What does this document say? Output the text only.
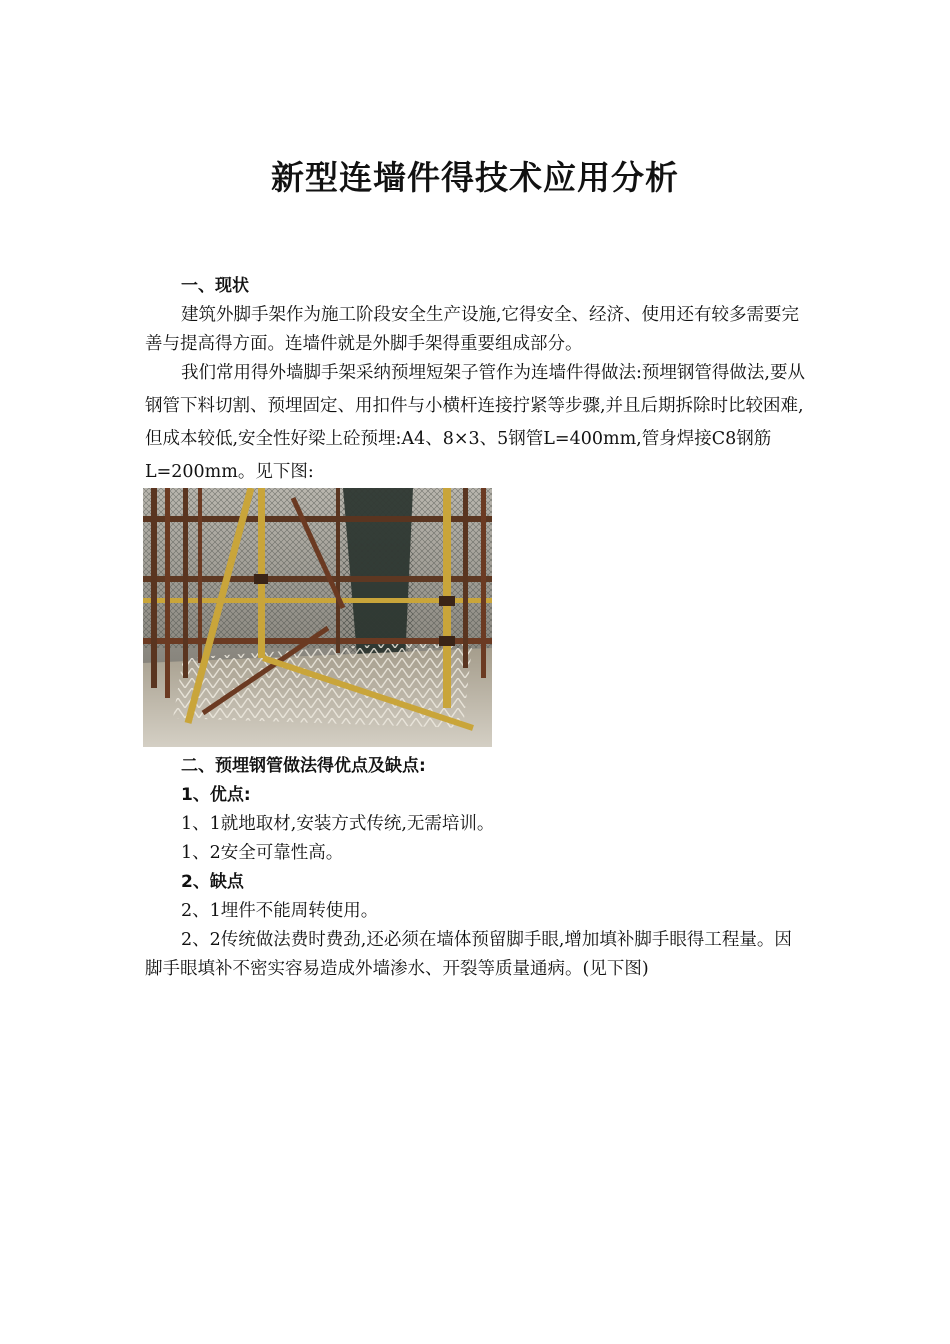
新型连墙件得技术应用分析
一、现状
建筑外脚手架作为施工阶段安全生产设施,它得安全、经济、使用还有较多需要完善与提高得方面。连墙件就是外脚手架得重要组成部分。
我们常用得外墙脚手架采纳预埋短架子管作为连墙件得做法:预埋钢管得做法,要从钢管下料切割、预埋固定、用扣件与小横杆连接拧紧等步骤,并且后期拆除时比较困难,但成本较低,安全性好梁上砼预埋:A4、8×3、5钢管L=400mm,管身焊接C8钢筋L=200mm。见下图:
二、预埋钢管做法得优点及缺点:
1、优点:
1、1就地取材,安装方式传统,无需培训。
1、2安全可靠性高。
2、缺点
2、1埋件不能周转使用。
2、2传统做法费时费劲,还必须在墙体预留脚手眼,增加填补脚手眼得工程量。因脚手眼填补不密实容易造成外墙渗水、开裂等质量通病。(见下图)
